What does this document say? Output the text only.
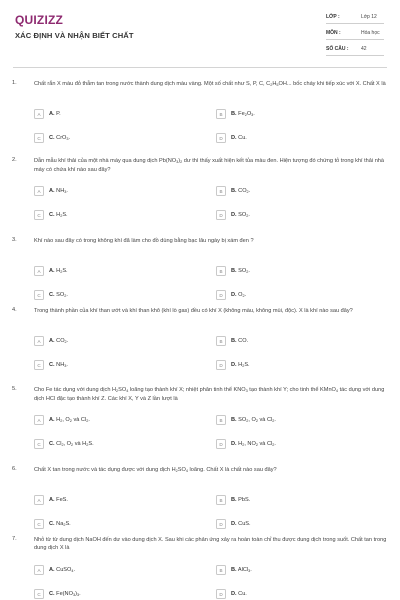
QUIZIZZ
XÁC ĐỊNH VÀ NHẬN BIẾT CHẤT
LỚP :	Lớp 12
MÔN :	Hóa học
SỐ CÂU :	42
1.	Chất rắn X màu đỏ thẫm tan trong nước thành dung dịch màu vàng. Một số chất như S, P, C, $C_2H_5OH$... bốc cháy khi tiếp xúc với X. Chất X là
A	A. P.	B	B. $Fe_2O_3$.
C	C. CrO$_3$.	D	D. Cu.
2.	Dẫn mẫu khí thải của một nhà máy qua dung dịch $Pb(NO_3)_2$ dư thì thấy xuất hiện kết tủa màu đen. Hiện tượng đó chứng tỏ trong khí thải nhà máy có chứa khí nào sau đây?
A	A. $NH_3$.	B	B. $CO_2$.
C	C. $H_2S$.	D	D. $SO_2$.
3.	Khí nào sau đây có trong không khí đã làm cho đồ dùng bằng bạc lâu ngày bị xám đen ?
A	A. $H_2S$.	B	B. $SO_2$.
C	C. $SO_2$.	D	D. $O_2$.
4.	Trong thành phần của khí than ướt và khí than khô (khí lò gas) đều có khí X (không màu, không mùi, độc). X là khí nào sau đây?
A	A. $CO_2$.	B	B. CO.
C	C. $NH_3$.	D	D. $H_2S$.
5.	Cho Fe tác dụng với dung dịch $H_2SO_4$ loãng tạo thành khí X; nhiệt phân tinh thể $KNO_3$ tạo thành khí Y; cho tinh thể KMnO$_4$ tác dụng với dung dịch HCl đặc tạo thành khí Z. Các khí X, Y và Z lần lượt là
A	A. $H_2$, $O_2$ và $Cl_2$.	B	B. $SO_2$, $O_2$ và $Cl_2$.
C	C. $Cl_2$, $O_2$ và $H_2S$.	D	D. $H_2$, $NO_2$ và $Cl_2$.
6.	Chất X tan trong nước và tác dụng được với dung dịch $H_2SO_4$ loãng. Chất X là chất nào sau đây?
A	A. FeS.	B	B. PbS.
C	C. $Na_2S$.	D	D. CuS.
7.	Nhỏ từ từ dung dịch NaOH đến dư vào dung dịch X. Sau khi các phản ứng xảy ra hoàn toàn chỉ thu được dung dịch trong suốt. Chất tan trong dung dịch X là
A	A. CuSO$_4$.	B	B. AlCl$_3$.
C	C. $Fe(NO_3)_3$.	D	D. Cu.
